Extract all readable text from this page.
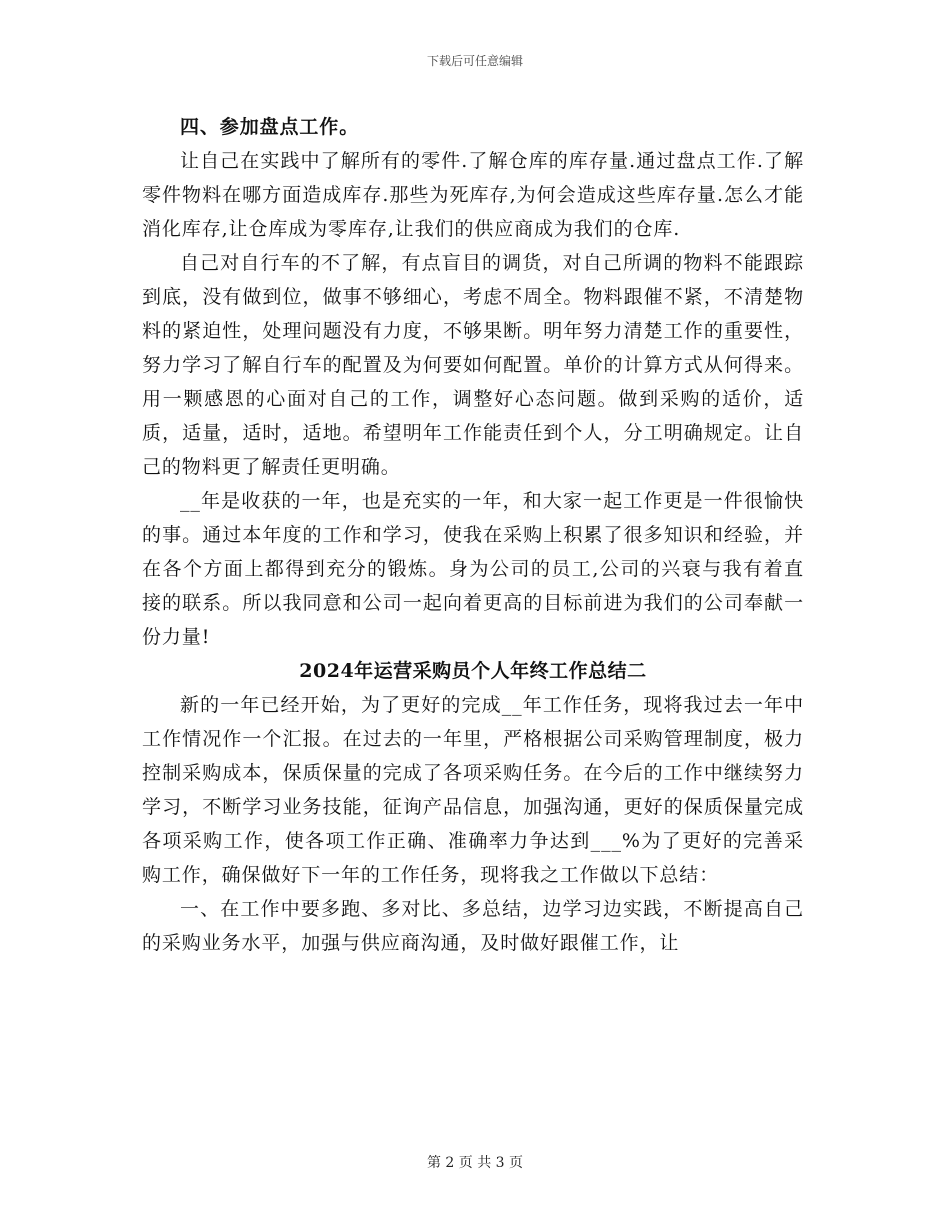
下载后可任意编辑

四、参加盘点工作。

让自己在实践中了解所有的零件.了解仓库的库存量.通过盘点工作.了解零件物料在哪方面造成库存.那些为死库存,为何会造成这些库存量.怎么才能消化库存,让仓库成为零库存,让我们的供应商成为我们的仓库.

自己对自行车的不了解，有点盲目的调货，对自己所调的物料不能跟踪到底，没有做到位，做事不够细心，考虑不周全。物料跟催不紧，不清楚物料的紧迫性，处理问题没有力度，不够果断。明年努力清楚工作的重要性，努力学习了解自行车的配置及为何要如何配置。单价的计算方式从何得来。用一颗感恩的心面对自己的工作，调整好心态问题。做到采购的适价，适质，适量，适时，适地。希望明年工作能责任到个人，分工明确规定。让自己的物料更了解责任更明确。

__年是收获的一年，也是充实的一年，和大家一起工作更是一件很愉快的事。通过本年度的工作和学习，使我在采购上积累了很多知识和经验，并在各个方面上都得到充分的锻炼。身为公司的员工,公司的兴衰与我有着直接的联系。所以我同意和公司一起向着更高的目标前进为我们的公司奉献一份力量!

2024年运营采购员个人年终工作总结二

新的一年已经开始，为了更好的完成__年工作任务，现将我过去一年中工作情况作一个汇报。在过去的一年里，严格根据公司采购管理制度，极力控制采购成本，保质保量的完成了各项采购任务。在今后的工作中继续努力学习，不断学习业务技能，征询产品信息，加强沟通，更好的保质保量完成各项采购工作，使各项工作正确、准确率力争达到___%为了更好的完善采购工作，确保做好下一年的工作任务，现将我之工作做以下总结：

一、在工作中要多跑、多对比、多总结，边学习边实践，不断提高自己的采购业务水平，加强与供应商沟通，及时做好跟催工作，让

第 2 页 共 3 页
